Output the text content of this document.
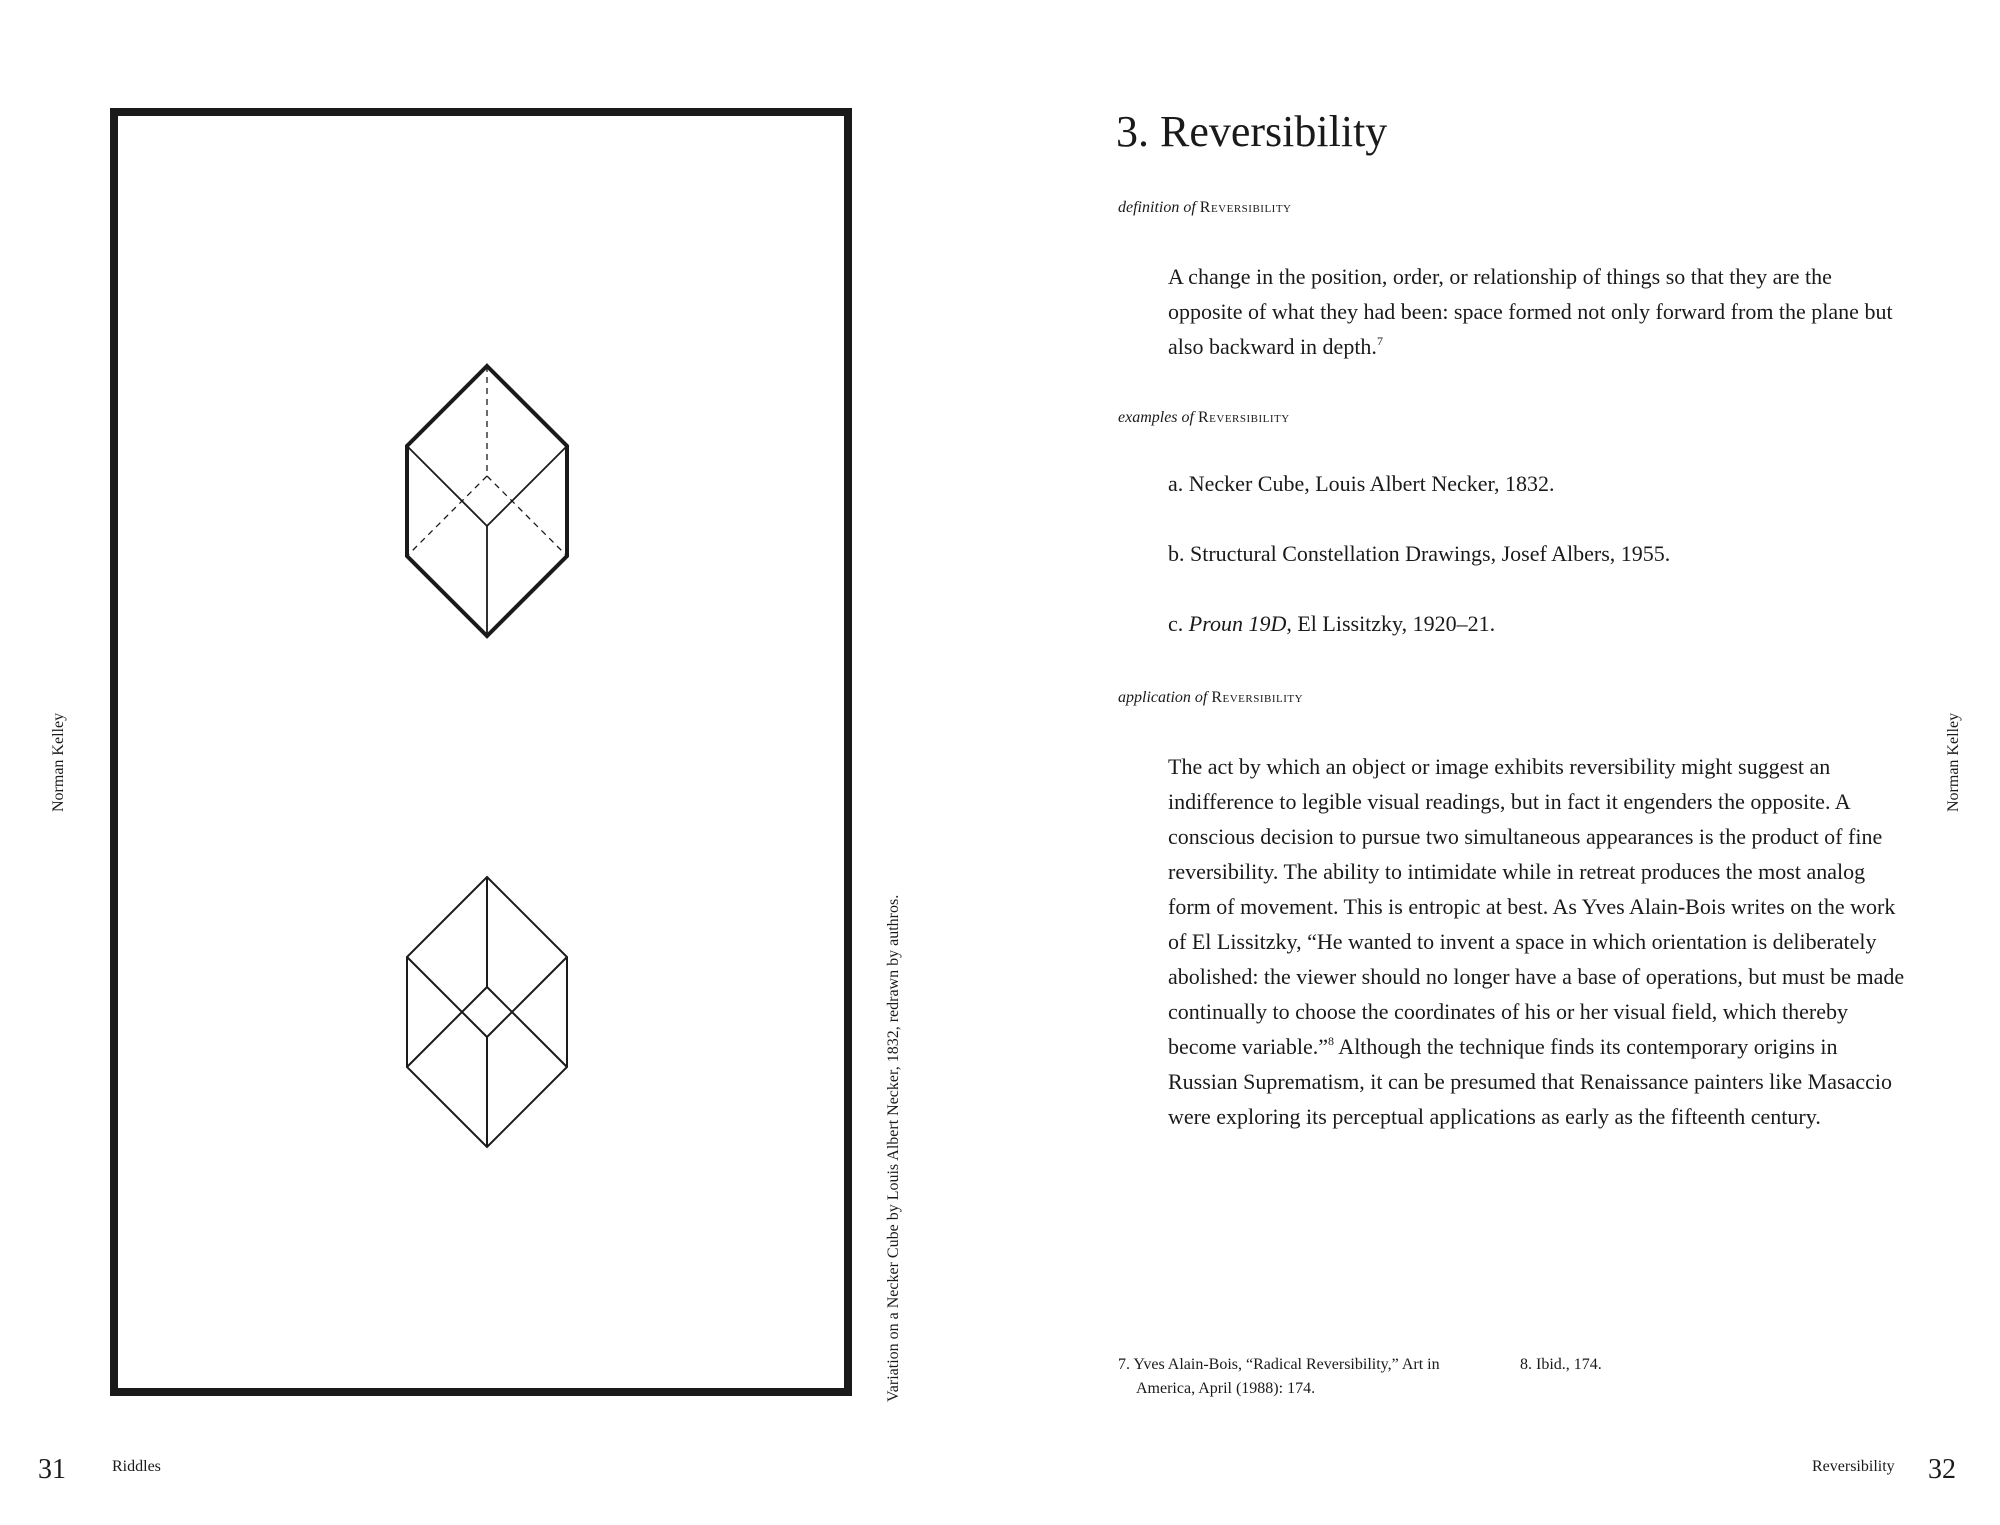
Norman Kelley
Variation on a Necker Cube by Louis Albert Necker, 1832, redrawn by authros.
31	Riddles
3. Reversibility
definition of Reversibility
A change in the position, order, or relationship of things so that they are the opposite of what they had been: space formed not only forward from the plane but also backward in depth.$^7$
examples of Reversibility
a. Necker Cube, Louis Albert Necker, 1832.
b. Structural Constellation Drawings, Josef Albers, 1955.
c. Proun 19D, El Lissitzky, 1920–21.
application of Reversibility
The act by which an object or image exhibits reversibility might suggest an indifference to legible visual readings, but in fact it engenders the opposite. A conscious decision to pursue two simultaneous appearances is the product of fine reversibility. The ability to intimidate while in retreat produces the most analog form of movement. This is entropic at best. As Yves Alain-Bois writes on the work of El Lissitzky, “He wanted to invent a space in which orientation is deliberately abolished: the viewer should no longer have a base of operations, but must be made continually to choose the coordinates of his or her visual field, which thereby become variable.”$^8$ Although the technique finds its contemporary origins in Russian Suprematism, it can be presumed that Renaissance painters like Masaccio were exploring its perceptual applications as early as the fifteenth century.
7. Yves Alain-Bois, “Radical Reversibility,” Art in
America, April (1988): 174.
8. Ibid., 174.
Norman Kelley
Reversibility 32
